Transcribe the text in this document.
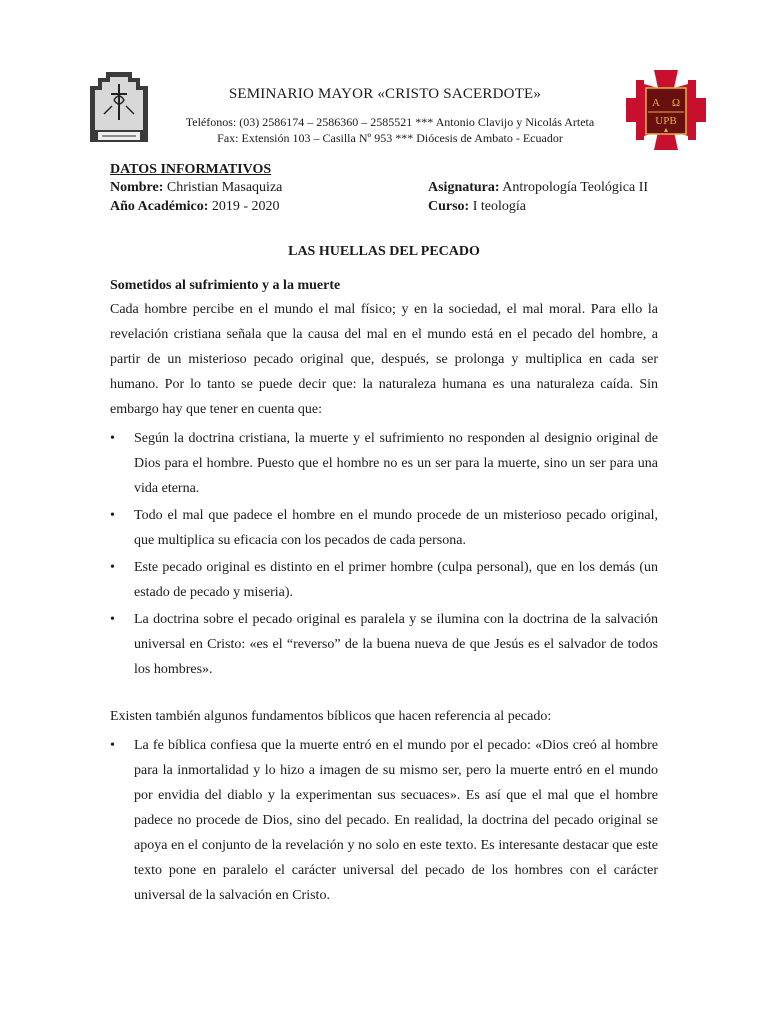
SEMINARIO MAYOR «CRISTO SACERDOTE»
Teléfonos: (03) 2586174 – 2586360 – 2585521 *** Antonio Clavijo y Nicolás Arteta
Fax: Extensión 103 – Casilla Nº 953 *** Diócesis de Ambato - Ecuador
A Ω
UPB
DATOS INFORMATIVOS
Nombre: Christian Masaquiza	Asignatura: Antropología Teológica II
Año Académico: 2019 - 2020	Curso: I teología
LAS HUELLAS DEL PECADO
Sometidos al sufrimiento y a la muerte

Cada hombre percibe en el mundo el mal físico; y en la sociedad, el mal moral. Para ello la revelación cristiana señala que la causa del mal en el mundo está en el pecado del hombre, a partir de un misterioso pecado original que, después, se prolonga y multiplica en cada ser humano. Por lo tanto se puede decir que: la naturaleza humana es una naturaleza caída. Sin embargo hay que tener en cuenta que:

•	Según la doctrina cristiana, la muerte y el sufrimiento no responden al designio original de Dios para el hombre. Puesto que el hombre no es un ser para la muerte, sino un ser para una vida eterna.
•	Todo el mal que padece el hombre en el mundo procede de un misterioso pecado original, que multiplica su eficacia con los pecados de cada persona.
•	Este pecado original es distinto en el primer hombre (culpa personal), que en los demás (un estado de pecado y miseria).
•	La doctrina sobre el pecado original es paralela y se ilumina con la doctrina de la salvación universal en Cristo: «es el “reverso” de la buena nueva de que Jesús es el salvador de todos los hombres».

Existen también algunos fundamentos bíblicos que hacen referencia al pecado:

•	La fe bíblica confiesa que la muerte entró en el mundo por el pecado: «Dios creó al hombre para la inmortalidad y lo hizo a imagen de su mismo ser, pero la muerte entró en el mundo por envidia del diablo y la experimentan sus secuaces». Es así que el mal que el hombre padece no procede de Dios, sino del pecado. En realidad, la doctrina del pecado original se apoya en el conjunto de la revelación y no solo en este texto. Es interesante destacar que este texto pone en paralelo el carácter universal del pecado de los hombres con el carácter universal de la salvación en Cristo.
